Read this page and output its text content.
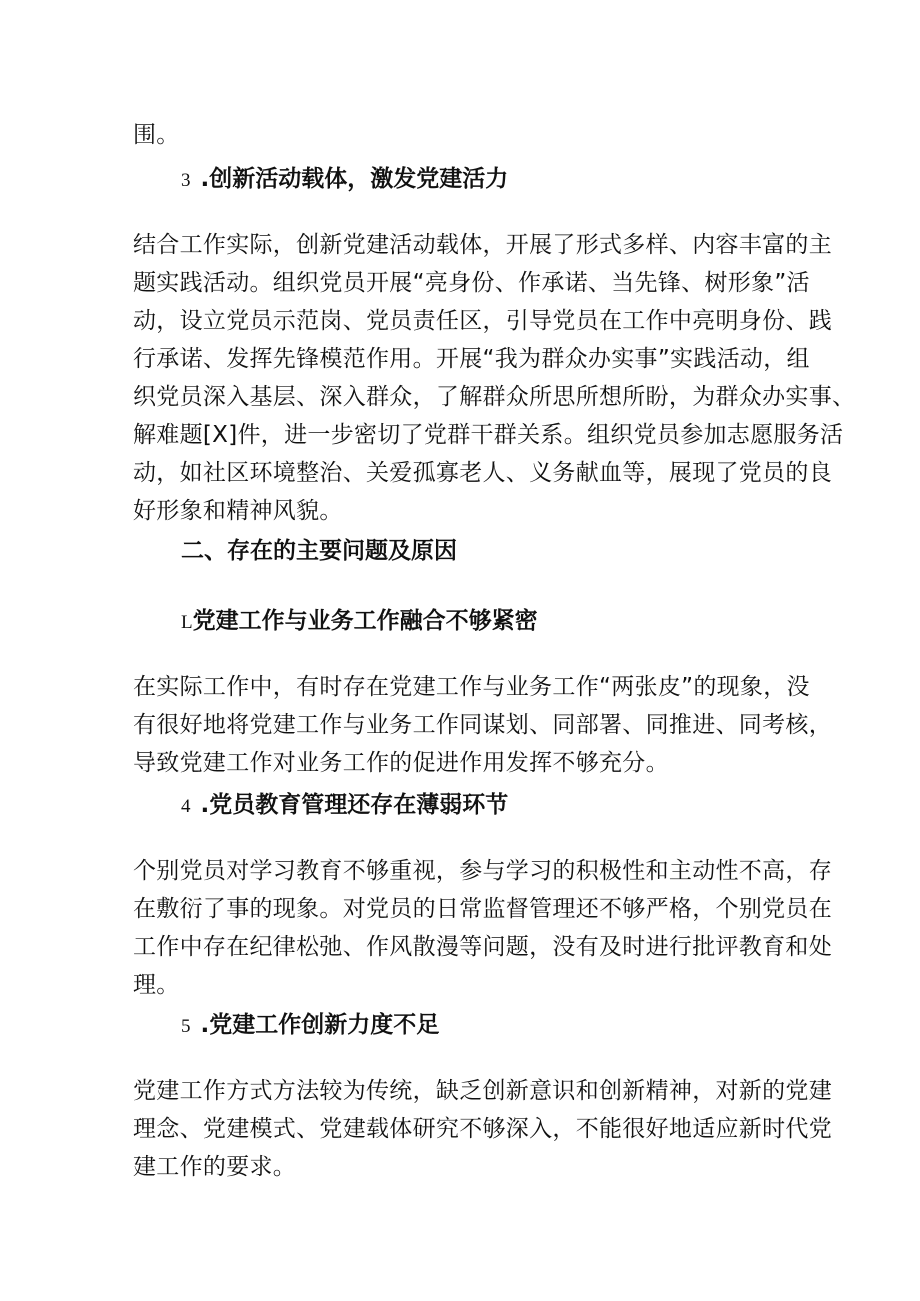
围。
3 .创新活动载体，激发党建活力
结合工作实际，创新党建活动载体，开展了形式多样、内容丰富的主
题实践活动。组织党员开展“亮身份、作承诺、当先锋、树形象”活
动，设立党员示范岗、党员责任区，引导党员在工作中亮明身份、践
行承诺、发挥先锋模范作用。开展“我为群众办实事”实践活动，组
织党员深入基层、深入群众，了解群众所思所想所盼，为群众办实事、
解难题[X]件，进一步密切了党群干群关系。组织党员参加志愿服务活
动，如社区环境整治、关爱孤寡老人、义务献血等，展现了党员的良
好形象和精神风貌。
二、存在的主要问题及原因
L党建工作与业务工作融合不够紧密
在实际工作中，有时存在党建工作与业务工作“两张皮”的现象，没
有很好地将党建工作与业务工作同谋划、同部署、同推进、同考核，
导致党建工作对业务工作的促进作用发挥不够充分。
4 .党员教育管理还存在薄弱环节
个别党员对学习教育不够重视，参与学习的积极性和主动性不高，存
在敷衍了事的现象。对党员的日常监督管理还不够严格，个别党员在
工作中存在纪律松弛、作风散漫等问题，没有及时进行批评教育和处
理。
5 .党建工作创新力度不足
党建工作方式方法较为传统，缺乏创新意识和创新精神，对新的党建
理念、党建模式、党建载体研究不够深入，不能很好地适应新时代党
建工作的要求。
